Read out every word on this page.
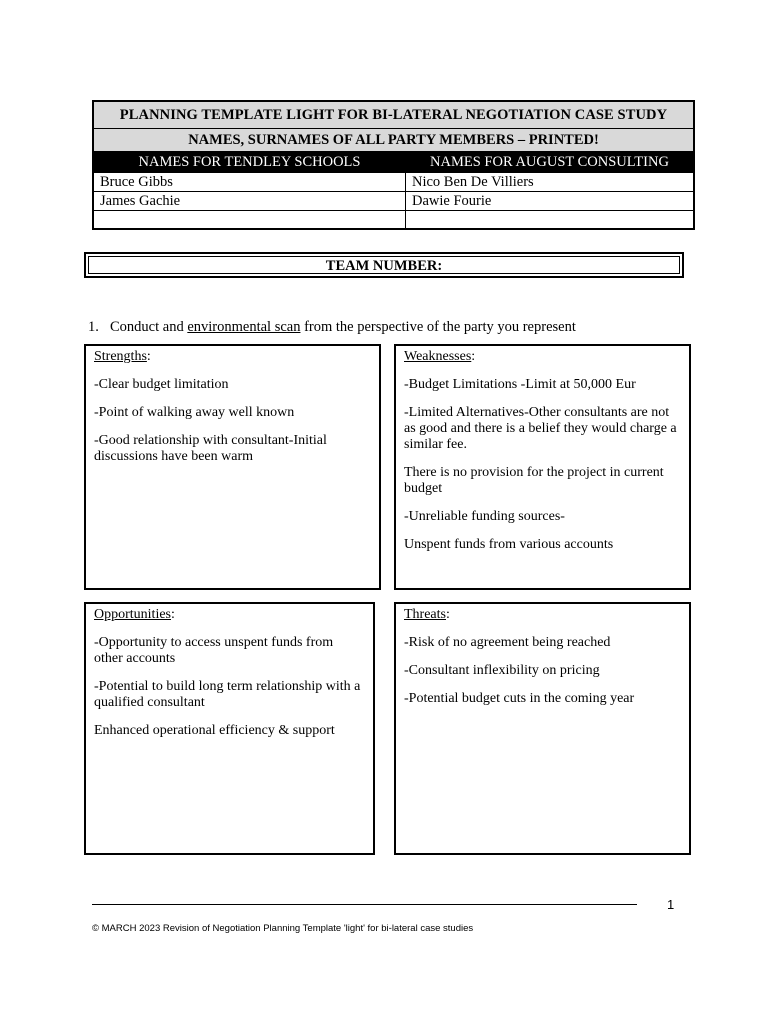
PLANNING TEMPLATE LIGHT FOR BI-LATERAL NEGOTIATION CASE STUDY	
NAMES, SURNAMES OF ALL PARTY MEMBERS – PRINTED!	
NAMES FOR TENDLEY SCHOOLS	NAMES FOR AUGUST CONSULTING
Bruce Gibbs	Nico Ben De Villiers
James Gachie	Dawie Fourie

TEAM NUMBER:
1. Conduct and environmental scan from the perspective of the party you represent
Strengths:

-Clear budget limitation

-Point of walking away well known

-Good relationship with consultant-Initial discussions have been warm

Weaknesses:

-Budget Limitations -Limit at 50,000 Eur

-Limited Alternatives-Other consultants are not as good and there is a belief they would charge a similar fee.

There is no provision for the project in current budget

-Unreliable funding sources-

Unspent funds from various accounts

Opportunities:

-Opportunity to access unspent funds from other accounts

-Potential to build long term relationship with a qualified consultant

Enhanced operational efficiency & support

Threats:

-Risk of no agreement being reached

-Consultant inflexibility on pricing

-Potential budget cuts in the coming year

1
© MARCH 2023 Revision of Negotiation Planning Template 'light' for bi-lateral case studies
